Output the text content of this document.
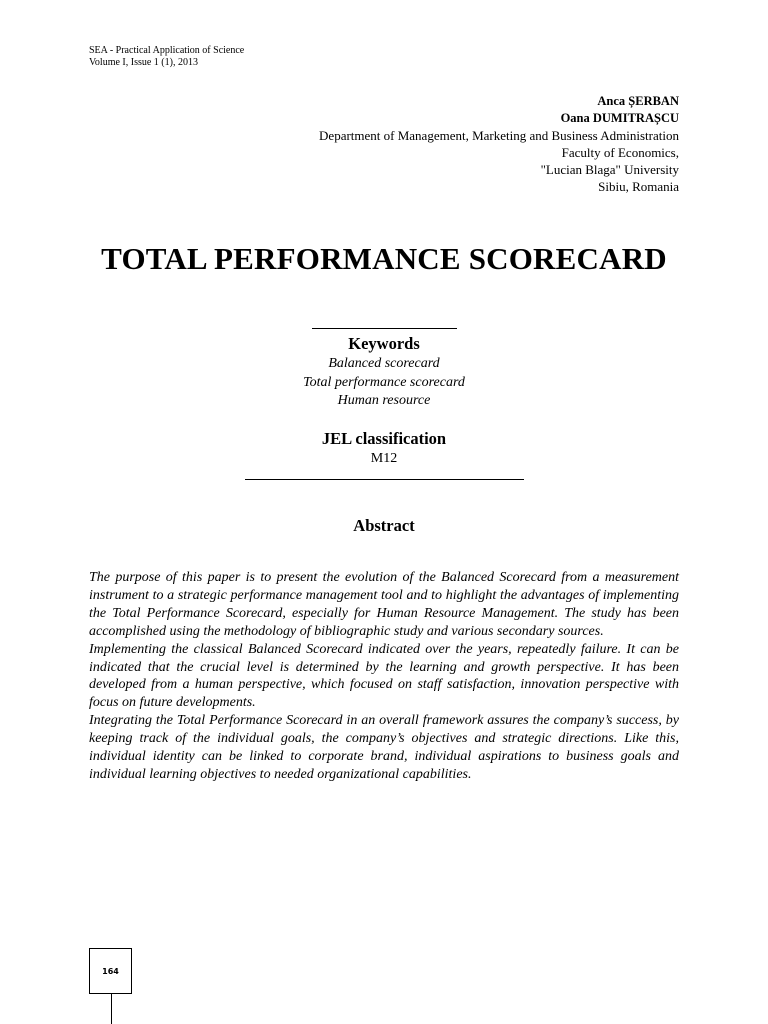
SEA - Practical Application of Science
Volume I, Issue 1 (1), 2013
Anca ȘERBAN
Oana DUMITRAȘCU
Department of Management, Marketing and Business Administration
Faculty of Economics,
"Lucian Blaga" University
Sibiu, Romania
TOTAL PERFORMANCE SCORECARD
Keywords
Balanced scorecard
Total performance scorecard
Human resource
JEL classification
M12
Abstract

The purpose of this paper is to present the evolution of the Balanced Scorecard from a measurement instrument to a strategic performance management tool and to highlight the advantages of implementing the Total Performance Scorecard, especially for Human Resource Management. The study has been accomplished using the methodology of bibliographic study and various secondary sources.

Implementing the classical Balanced Scorecard indicated over the years, repeatedly failure. It can be indicated that the crucial level is determined by the learning and growth perspective. It has been developed from a human perspective, which focused on staff satisfaction, innovation perspective with focus on future developments.

Integrating the Total Performance Scorecard in an overall framework assures the company’s success, by keeping track of the individual goals, the company’s objectives and strategic directions. Like this, individual identity can be linked to corporate brand, individual aspirations to business goals and individual learning objectives to needed organizational capabilities.

164
